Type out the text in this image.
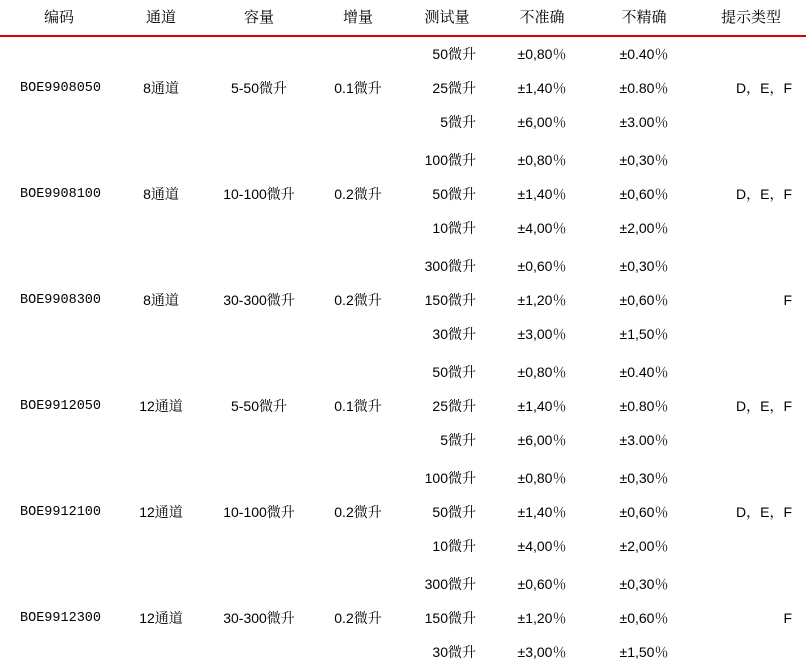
编码	通道	容量	增量	测试量	不准确	不精确	提示类型
BOE9908050	8通道	5-50微升	0.1微升	50微升	±0,80％	±0.40％	D，E，F
				25微升	±1,40％	±0.80％	
				5微升	±6,00％	±3.00％	
BOE9908100	8通道	10-100微升	0.2微升	100微升	±0,80％	±0,30％	D，E，F
				50微升	±1,40％	±0,60％	
				10微升	±4,00％	±2,00％	
BOE9908300	8通道	30-300微升	0.2微升	300微升	±0,60％	±0,30％	F
				150微升	±1,20％	±0,60％	
				30微升	±3,00％	±1,50％	
BOE9912050	12通道	5-50微升	0.1微升	50微升	±0,80％	±0.40％	D，E，F
				25微升	±1,40％	±0.80％	
				5微升	±6,00％	±3.00％	
BOE9912100	12通道	10-100微升	0.2微升	100微升	±0,80％	±0,30％	D，E，F
				50微升	±1,40％	±0,60％	
				10微升	±4,00％	±2,00％	
BOE9912300	12通道	30-300微升	0.2微升	300微升	±0,60％	±0,30％	F
				150微升	±1,20％	±0,60％	
				30微升	±3,00％	±1,50％	
